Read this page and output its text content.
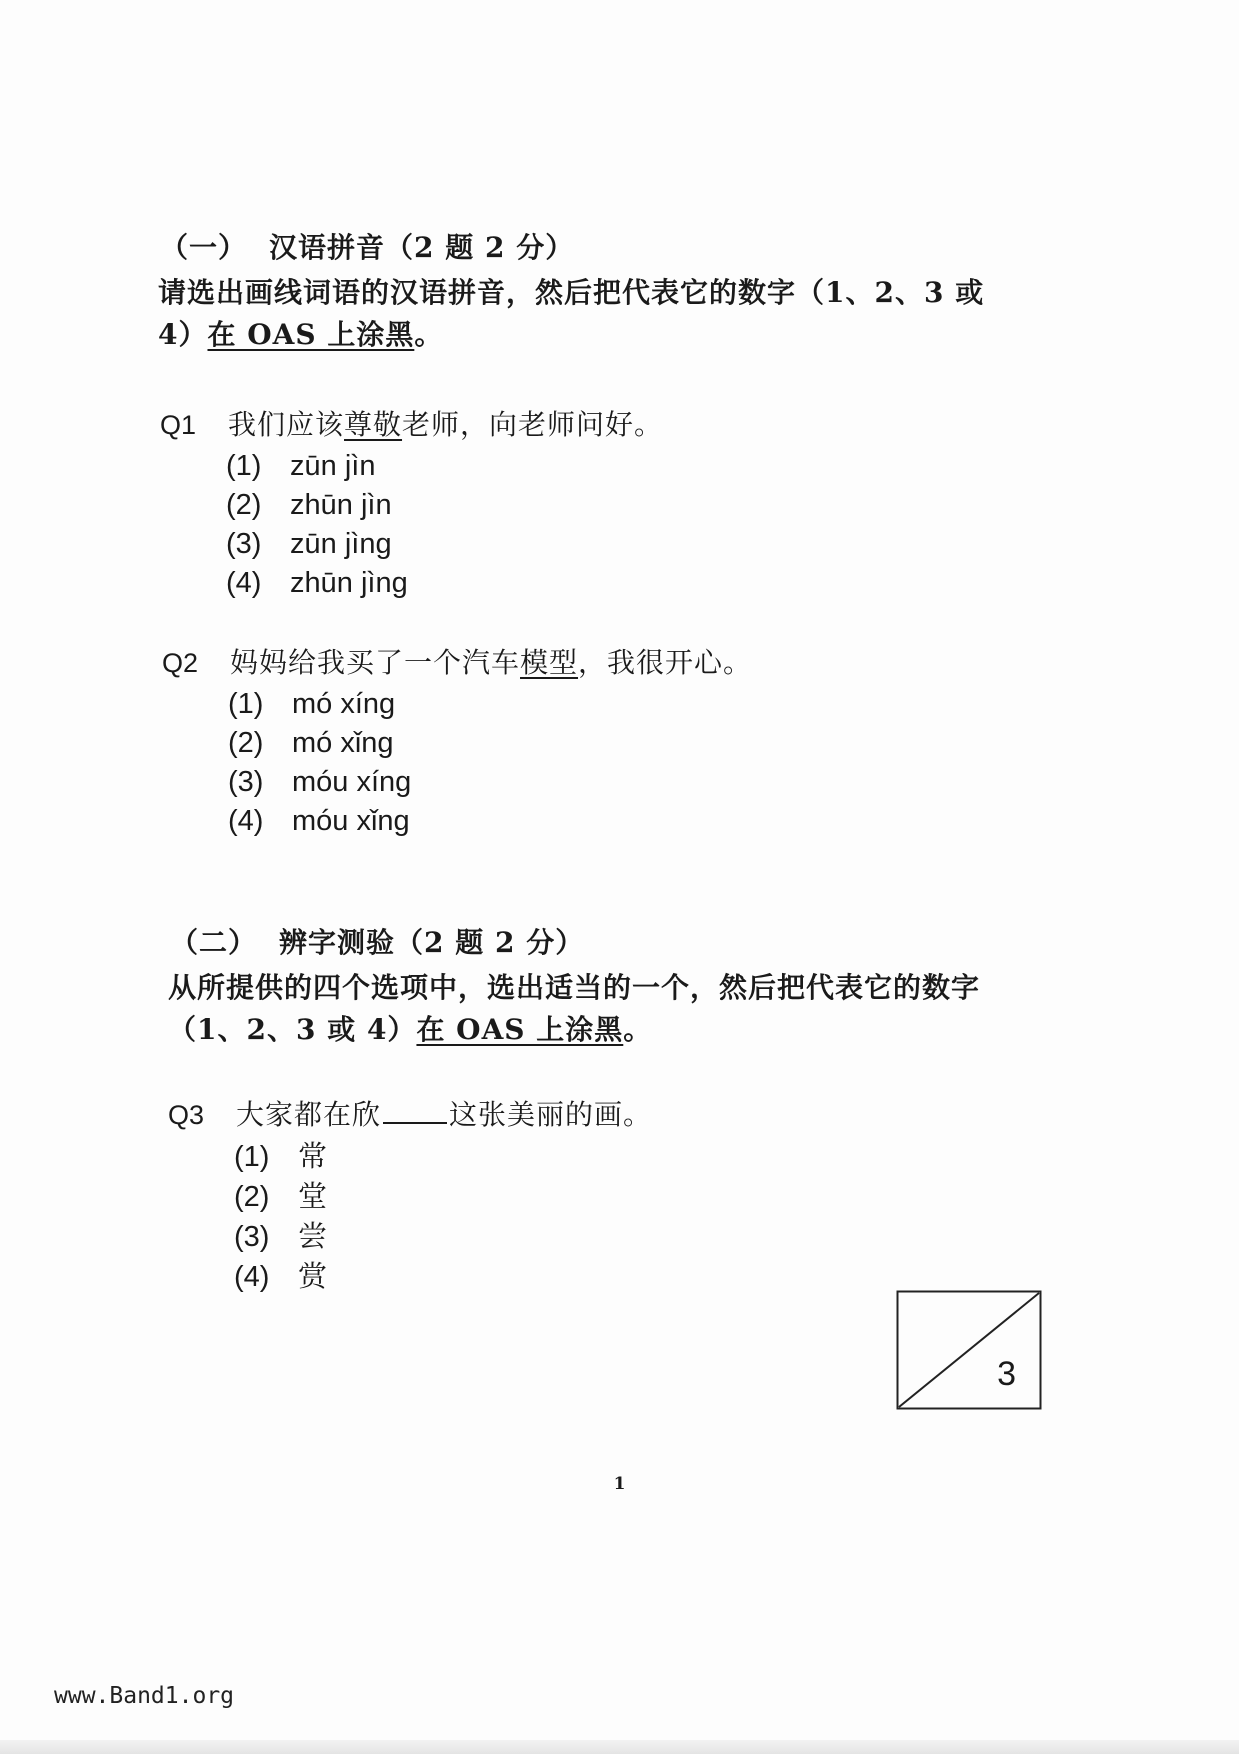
（一） 汉语拼音（2 题 2 分）
请选出画线词语的汉语拼音，然后把代表它的数字（1、2、3 或
4）在 OAS 上涂黑。
Q1	我们应该尊敬老师，向老师问好。
(1) zūn jìn
(2) zhūn jìn
(3) zūn jìng
(4) zhūn jìng
Q2	妈妈给我买了一个汽车模型，我很开心。
(1) mó xíng
(2) mó xǐng
(3) móu xíng
(4) móu xǐng
（二） 辨字测验（2 题 2 分）
从所提供的四个选项中，选出适当的一个，然后把代表它的数字
（1、2、3 或 4）在 OAS 上涂黑。
Q3	大家都在欣 这张美丽的画。
(1) 常
(2) 堂
(3) 尝
(4) 赏
3
1
www.Band1.org
